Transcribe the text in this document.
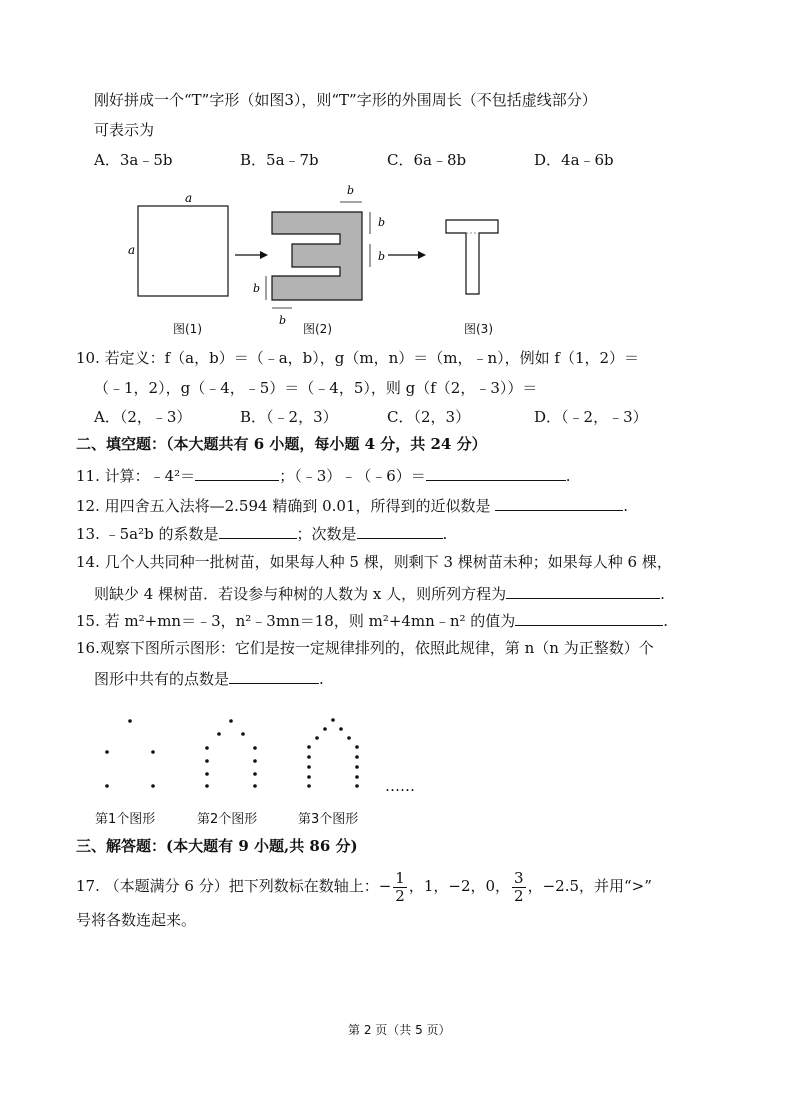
刚好拼成一个“T”字形（如图3），则“T”字形的外围周长（不包括虚线部分）
可表示为
A．3a﹣5b	B．5a﹣7b	C．6a﹣8b	D．4a﹣6b
a
a
b
b
b
b
b
图(1)	图(2)	图(3)
10. 若定义：f（a，b）＝（﹣a，b），g（m，n）＝（m，﹣n），例如 f（1，2）＝
（﹣1，2），g（﹣4，﹣5）＝（﹣4，5），则 g（f（2，﹣3））＝
A．（2，﹣3）	B．（﹣2，3）	C．（2，3）	D．（﹣2，﹣3）
二、填空题：（本大题共有 6 小题，每小题 4 分，共 24 分）
11. 计算：﹣4²＝	；（﹣3）﹣（﹣6）＝	.
12. 用四舍五入法将—2.594 精确到 0.01，所得到的近似数是	.
13. ﹣5a²b 的系数是	；次数是	.
14. 几个人共同种一批树苗，如果每人种 5 棵，则剩下 3 棵树苗未种；如果每人种 6 棵，
则缺少 4 棵树苗．若设参与种树的人数为 x 人，则所列方程为	.
15. 若 m²+mn＝﹣3，n²﹣3mn＝18，则 m²+4mn﹣n² 的值为	.
16.观察下图所示图形：它们是按一定规律排列的，依照此规律，第 n（n 为正整数）个
图形中共有的点数是	.
……
第1个图形	第2个图形	第3个图形
三、解答题：(本大题有 9 小题,共 86 分)
17. （本题满分 6 分）把下列数标在数轴上：− $\frac{1}{2}$ ，1，−2，0， $\frac{3}{2}$ ，−2.5，并用“>”
号将各数连起来。
第 2 页（共 5 页）
